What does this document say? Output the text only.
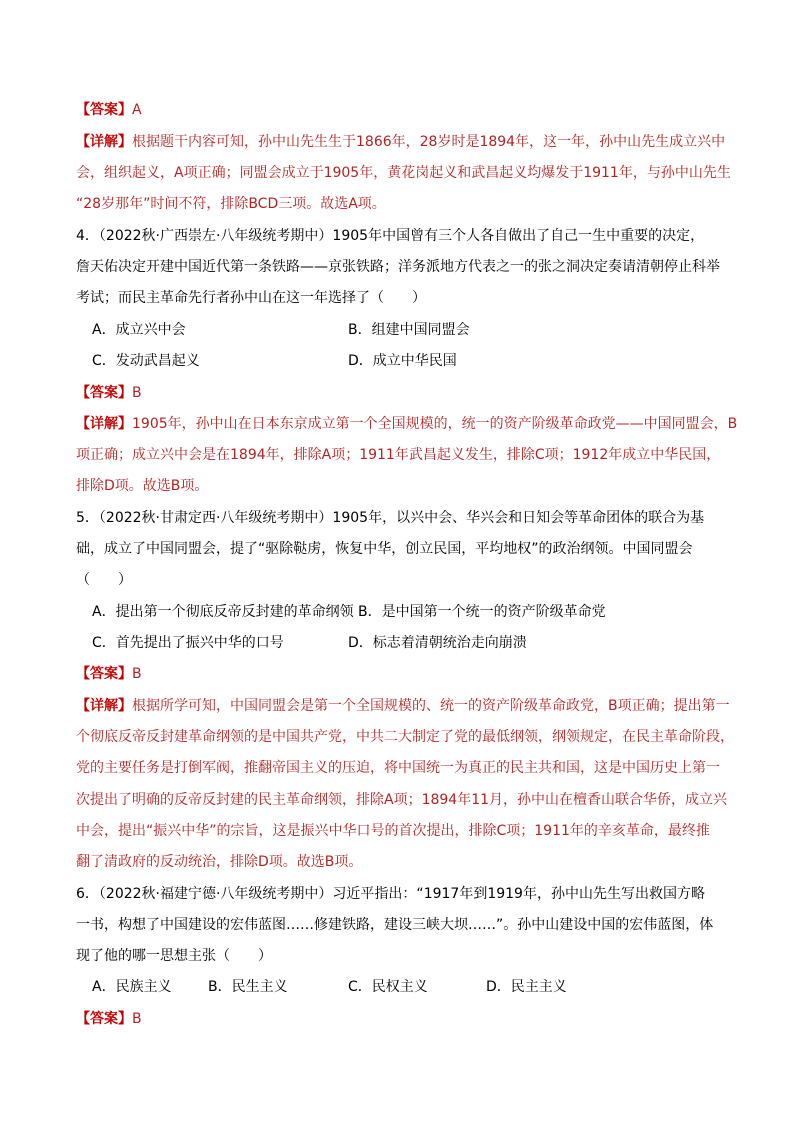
【答案】A
【详解】根据题干内容可知，孙中山先生生于1866年，28岁时是1894年，这一年，孙中山先生成立兴中
会，组织起义，A项正确；同盟会成立于1905年，黄花岗起义和武昌起义均爆发于1911年，与孙中山先生
“28岁那年”时间不符，排除BCD三项。故选A项。
4．（2022秋·广西崇左·八年级统考期中）1905年中国曾有三个人各自做出了自己一生中重要的决定，
詹天佑决定开建中国近代第一条铁路——京张铁路；洋务派地方代表之一的张之洞决定奏请清朝停止科举
考试；而民主革命先行者孙中山在这一年选择了（　　）
A．成立兴中会	B．组建中国同盟会
C．发动武昌起义	D．成立中华民国
【答案】B
【详解】1905年，孙中山在日本东京成立第一个全国规模的，统一的资产阶级革命政党——中国同盟会，B
项正确；成立兴中会是在1894年，排除A项；1911年武昌起义发生，排除C项；1912年成立中华民国，
排除D项。故选B项。
5．（2022秋·甘肃定西·八年级统考期中）1905年，以兴中会、华兴会和日知会等革命团体的联合为基
础，成立了中国同盟会，提了“驱除鞑虏，恢复中华，创立民国，平均地权”的政治纲领。中国同盟会
（　　）
A．提出第一个彻底反帝反封建的革命纲领 B．是中国第一个统一的资产阶级革命党
C．首先提出了振兴中华的口号	D．标志着清朝统治走向崩溃
【答案】B
【详解】根据所学可知，中国同盟会是第一个全国规模的、统一的资产阶级革命政党，B项正确；提出第一
个彻底反帝反封建革命纲领的是中国共产党，中共二大制定了党的最低纲领，纲领规定，在民主革命阶段，
党的主要任务是打倒军阀，推翻帝国主义的压迫，将中国统一为真正的民主共和国，这是中国历史上第一
次提出了明确的反帝反封建的民主革命纲领，排除A项；1894年11月，孙中山在檀香山联合华侨，成立兴
中会，提出“振兴中华”的宗旨，这是振兴中华口号的首次提出，排除C项；1911年的辛亥革命，最终推
翻了清政府的反动统治，排除D项。故选B项。
6．（2022秋·福建宁德·八年级统考期中）习近平指出：“1917年到1919年，孙中山先生写出救国方略
一书，构想了中国建设的宏伟蓝图……修建铁路，建设三峡大坝……”。孙中山建设中国的宏伟蓝图，体
现了他的哪一思想主张（　　）
A．民族主义	B．民生主义	C．民权主义	D．民主主义
【答案】B
